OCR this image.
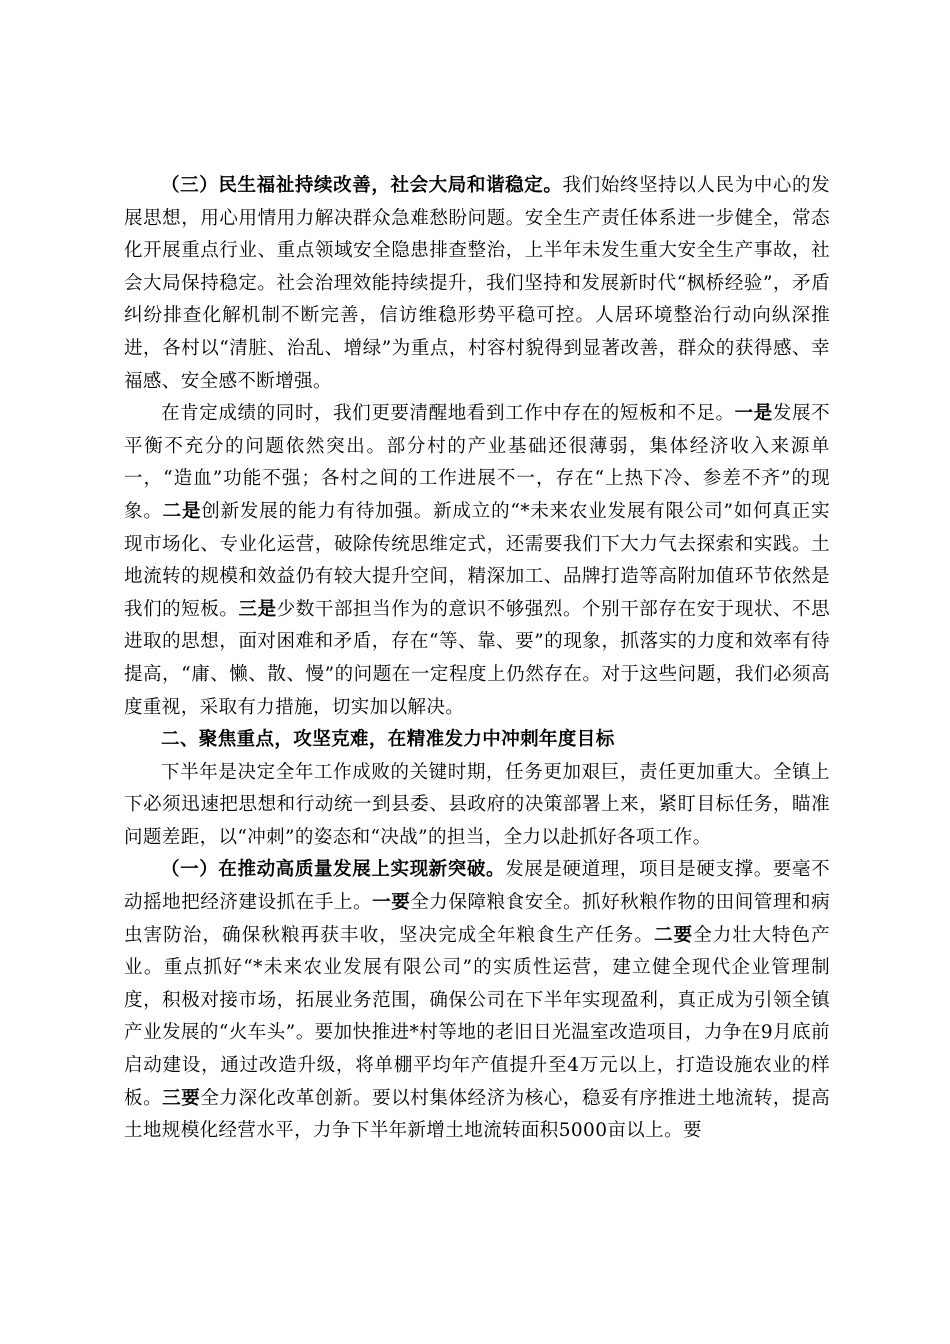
（三）民生福祉持续改善，社会大局和谐稳定。我们始终坚持以人民为中心的发展思想，用心用情用力解决群众急难愁盼问题。安全生产责任体系进一步健全，常态化开展重点行业、重点领域安全隐患排查整治，上半年未发生重大安全生产事故，社会大局保持稳定。社会治理效能持续提升，我们坚持和发展新时代“枫桥经验”，矛盾纠纷排查化解机制不断完善，信访维稳形势平稳可控。人居环境整治行动向纵深推进，各村以“清脏、治乱、增绿”为重点，村容村貌得到显著改善，群众的获得感、幸福感、安全感不断增强。

在肯定成绩的同时，我们更要清醒地看到工作中存在的短板和不足。一是发展不平衡不充分的问题依然突出。部分村的产业基础还很薄弱，集体经济收入来源单一，“造血”功能不强；各村之间的工作进展不一，存在“上热下冷、参差不齐”的现象。二是创新发展的能力有待加强。新成立的“*未来农业发展有限公司”如何真正实现市场化、专业化运营，破除传统思维定式，还需要我们下大力气去探索和实践。土地流转的规模和效益仍有较大提升空间，精深加工、品牌打造等高附加值环节依然是我们的短板。三是少数干部担当作为的意识不够强烈。个别干部存在安于现状、不思进取的思想，面对困难和矛盾，存在“等、靠、要”的现象，抓落实的力度和效率有待提高，“庸、懒、散、慢”的问题在一定程度上仍然存在。对于这些问题，我们必须高度重视，采取有力措施，切实加以解决。

二、聚焦重点，攻坚克难，在精准发力中冲刺年度目标

下半年是决定全年工作成败的关键时期，任务更加艰巨，责任更加重大。全镇上下必须迅速把思想和行动统一到县委、县政府的决策部署上来，紧盯目标任务，瞄准问题差距，以“冲刺”的姿态和“决战”的担当，全力以赴抓好各项工作。

（一）在推动高质量发展上实现新突破。发展是硬道理，项目是硬支撑。要毫不动摇地把经济建设抓在手上。一要全力保障粮食安全。抓好秋粮作物的田间管理和病虫害防治，确保秋粮再获丰收，坚决完成全年粮食生产任务。二要全力壮大特色产业。重点抓好“*未来农业发展有限公司”的实质性运营，建立健全现代企业管理制度，积极对接市场，拓展业务范围，确保公司在下半年实现盈利，真正成为引领全镇产业发展的“火车头”。要加快推进*村等地的老旧日光温室改造项目，力争在9月底前启动建设，通过改造升级，将单棚平均年产值提升至4万元以上，打造设施农业的样板。三要全力深化改革创新。要以村集体经济为核心，稳妥有序推进土地流转，提高土地规模化经营水平，力争下半年新增土地流转面积5000亩以上。要
